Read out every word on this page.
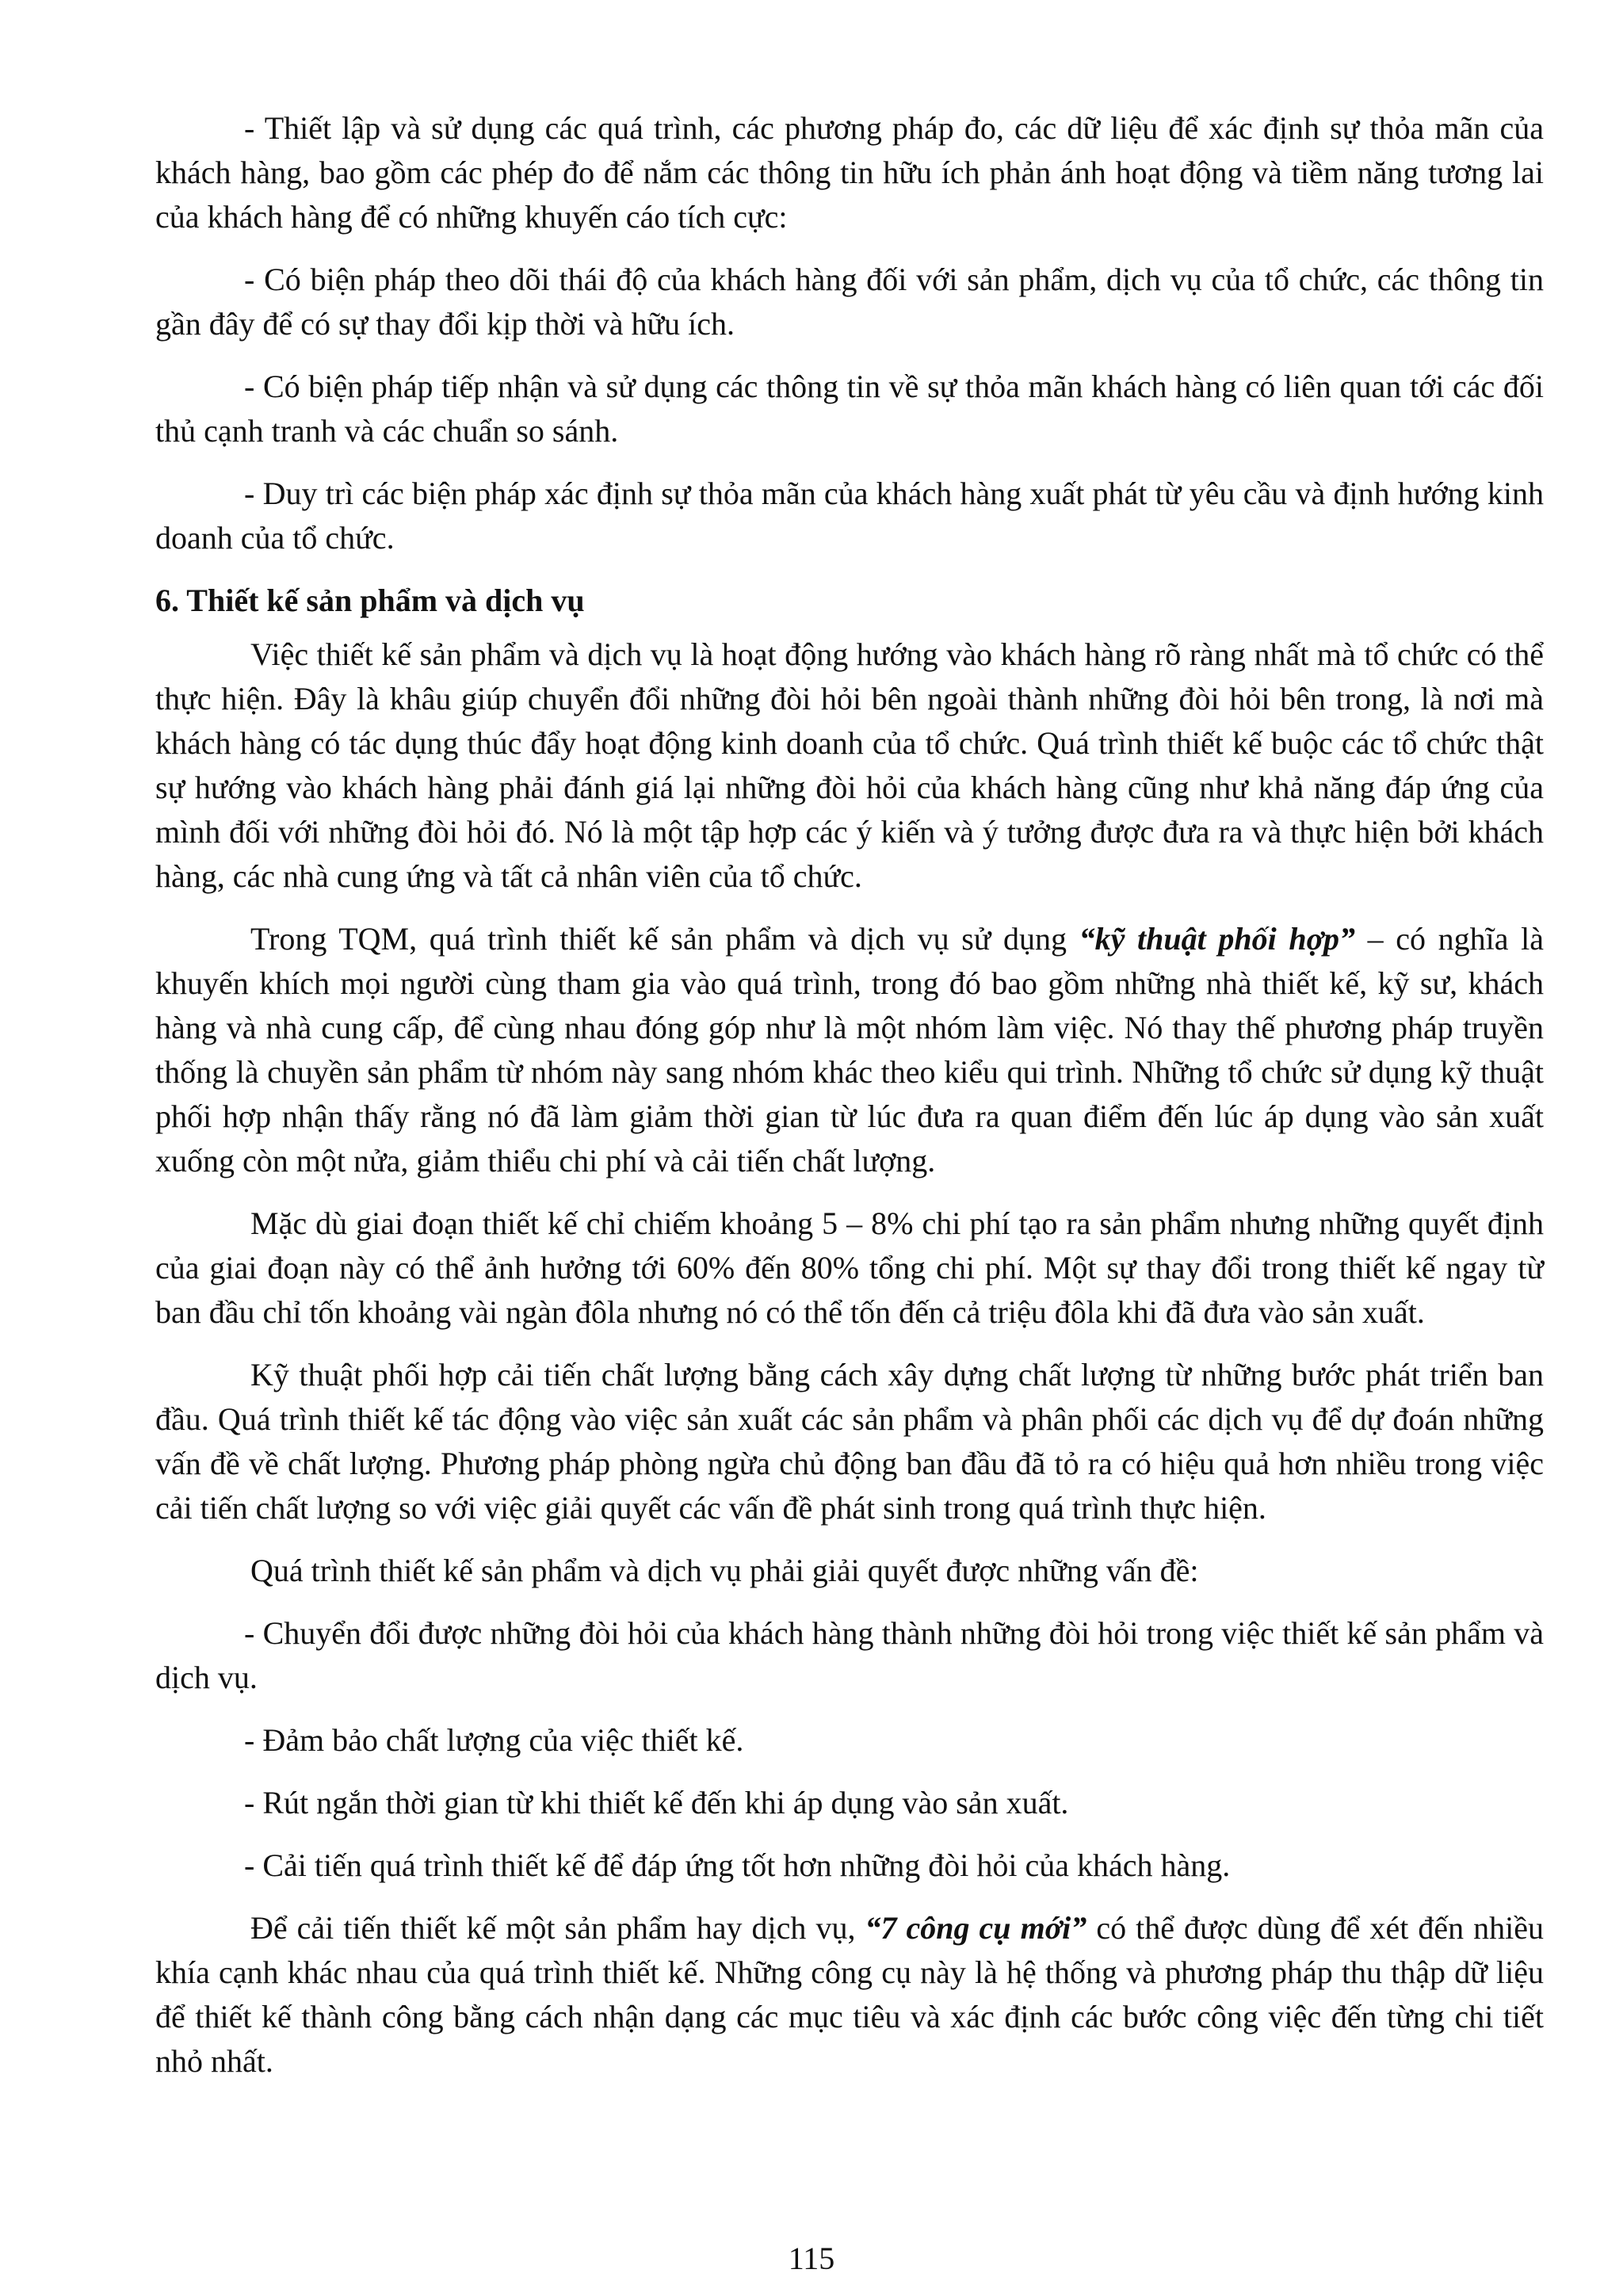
- Thiết lập và sử dụng các quá trình, các phương pháp đo, các dữ liệu để xác định sự thỏa mãn của khách hàng, bao gồm các phép đo để nắm các thông tin hữu ích phản ánh hoạt động và tiềm năng tương lai của khách hàng để có những khuyến cáo tích cực:

- Có biện pháp theo dõi thái độ của khách hàng đối với sản phẩm, dịch vụ của tổ chức, các thông tin gần đây để có sự thay đổi kịp thời và hữu ích.

- Có biện pháp tiếp nhận và sử dụng các thông tin về sự thỏa mãn khách hàng có liên quan tới các đối thủ cạnh tranh và các chuẩn so sánh.

- Duy trì các biện pháp xác định sự thỏa mãn của khách hàng xuất phát từ yêu cầu và định hướng kinh doanh của tổ chức.

6. Thiết kế sản phẩm và dịch vụ

Việc thiết kế sản phẩm và dịch vụ là hoạt động hướng vào khách hàng rõ ràng nhất mà tổ chức có thể thực hiện. Đây là khâu giúp chuyển đổi những đòi hỏi bên ngoài thành những đòi hỏi bên trong, là nơi mà khách hàng có tác dụng thúc đẩy hoạt động kinh doanh của tổ chức. Quá trình thiết kế buộc các tổ chức thật sự hướng vào khách hàng phải đánh giá lại những đòi hỏi của khách hàng cũng như khả năng đáp ứng của mình đối với những đòi hỏi đó. Nó là một tập hợp các ý kiến và ý tưởng được đưa ra và thực hiện bởi khách hàng, các nhà cung ứng và tất cả nhân viên của tổ chức.

Trong TQM, quá trình thiết kế sản phẩm và dịch vụ sử dụng “kỹ thuật phối hợp” – có nghĩa là khuyến khích mọi người cùng tham gia vào quá trình, trong đó bao gồm những nhà thiết kế, kỹ sư, khách hàng và nhà cung cấp, để cùng nhau đóng góp như là một nhóm làm việc. Nó thay thế phương pháp truyền thống là chuyền sản phẩm từ nhóm này sang nhóm khác theo kiểu qui trình. Những tổ chức sử dụng kỹ thuật phối hợp nhận thấy rằng nó đã làm giảm thời gian từ lúc đưa ra quan điểm đến lúc áp dụng vào sản xuất xuống còn một nửa, giảm thiểu chi phí và cải tiến chất lượng.

Mặc dù giai đoạn thiết kế chỉ chiếm khoảng 5 – 8% chi phí tạo ra sản phẩm nhưng những quyết định của giai đoạn này có thể ảnh hưởng tới 60% đến 80% tổng chi phí. Một sự thay đổi trong thiết kế ngay từ ban đầu chỉ tốn khoảng vài ngàn đôla nhưng nó có thể tốn đến cả triệu đôla khi đã đưa vào sản xuất.

Kỹ thuật phối hợp cải tiến chất lượng bằng cách xây dựng chất lượng từ những bước phát triển ban đầu. Quá trình thiết kế tác động vào việc sản xuất các sản phẩm và phân phối các dịch vụ để dự đoán những vấn đề về chất lượng. Phương pháp phòng ngừa chủ động ban đầu đã tỏ ra có hiệu quả hơn nhiều trong việc cải tiến chất lượng so với việc giải quyết các vấn đề phát sinh trong quá trình thực hiện.

Quá trình thiết kế sản phẩm và dịch vụ phải giải quyết được những vấn đề:

- Chuyển đổi được những đòi hỏi của khách hàng thành những đòi hỏi trong việc thiết kế sản phẩm và dịch vụ.

- Đảm bảo chất lượng của việc thiết kế.

- Rút ngắn thời gian từ khi thiết kế đến khi áp dụng vào sản xuất.

- Cải tiến quá trình thiết kế để đáp ứng tốt hơn những đòi hỏi của khách hàng.

Để cải tiến thiết kế một sản phẩm hay dịch vụ, “7 công cụ mới” có thể được dùng để xét đến nhiều khía cạnh khác nhau của quá trình thiết kế. Những công cụ này là hệ thống và phương pháp thu thập dữ liệu để thiết kế thành công bằng cách nhận dạng các mục tiêu và xác định các bước công việc đến từng chi tiết nhỏ nhất.

115
